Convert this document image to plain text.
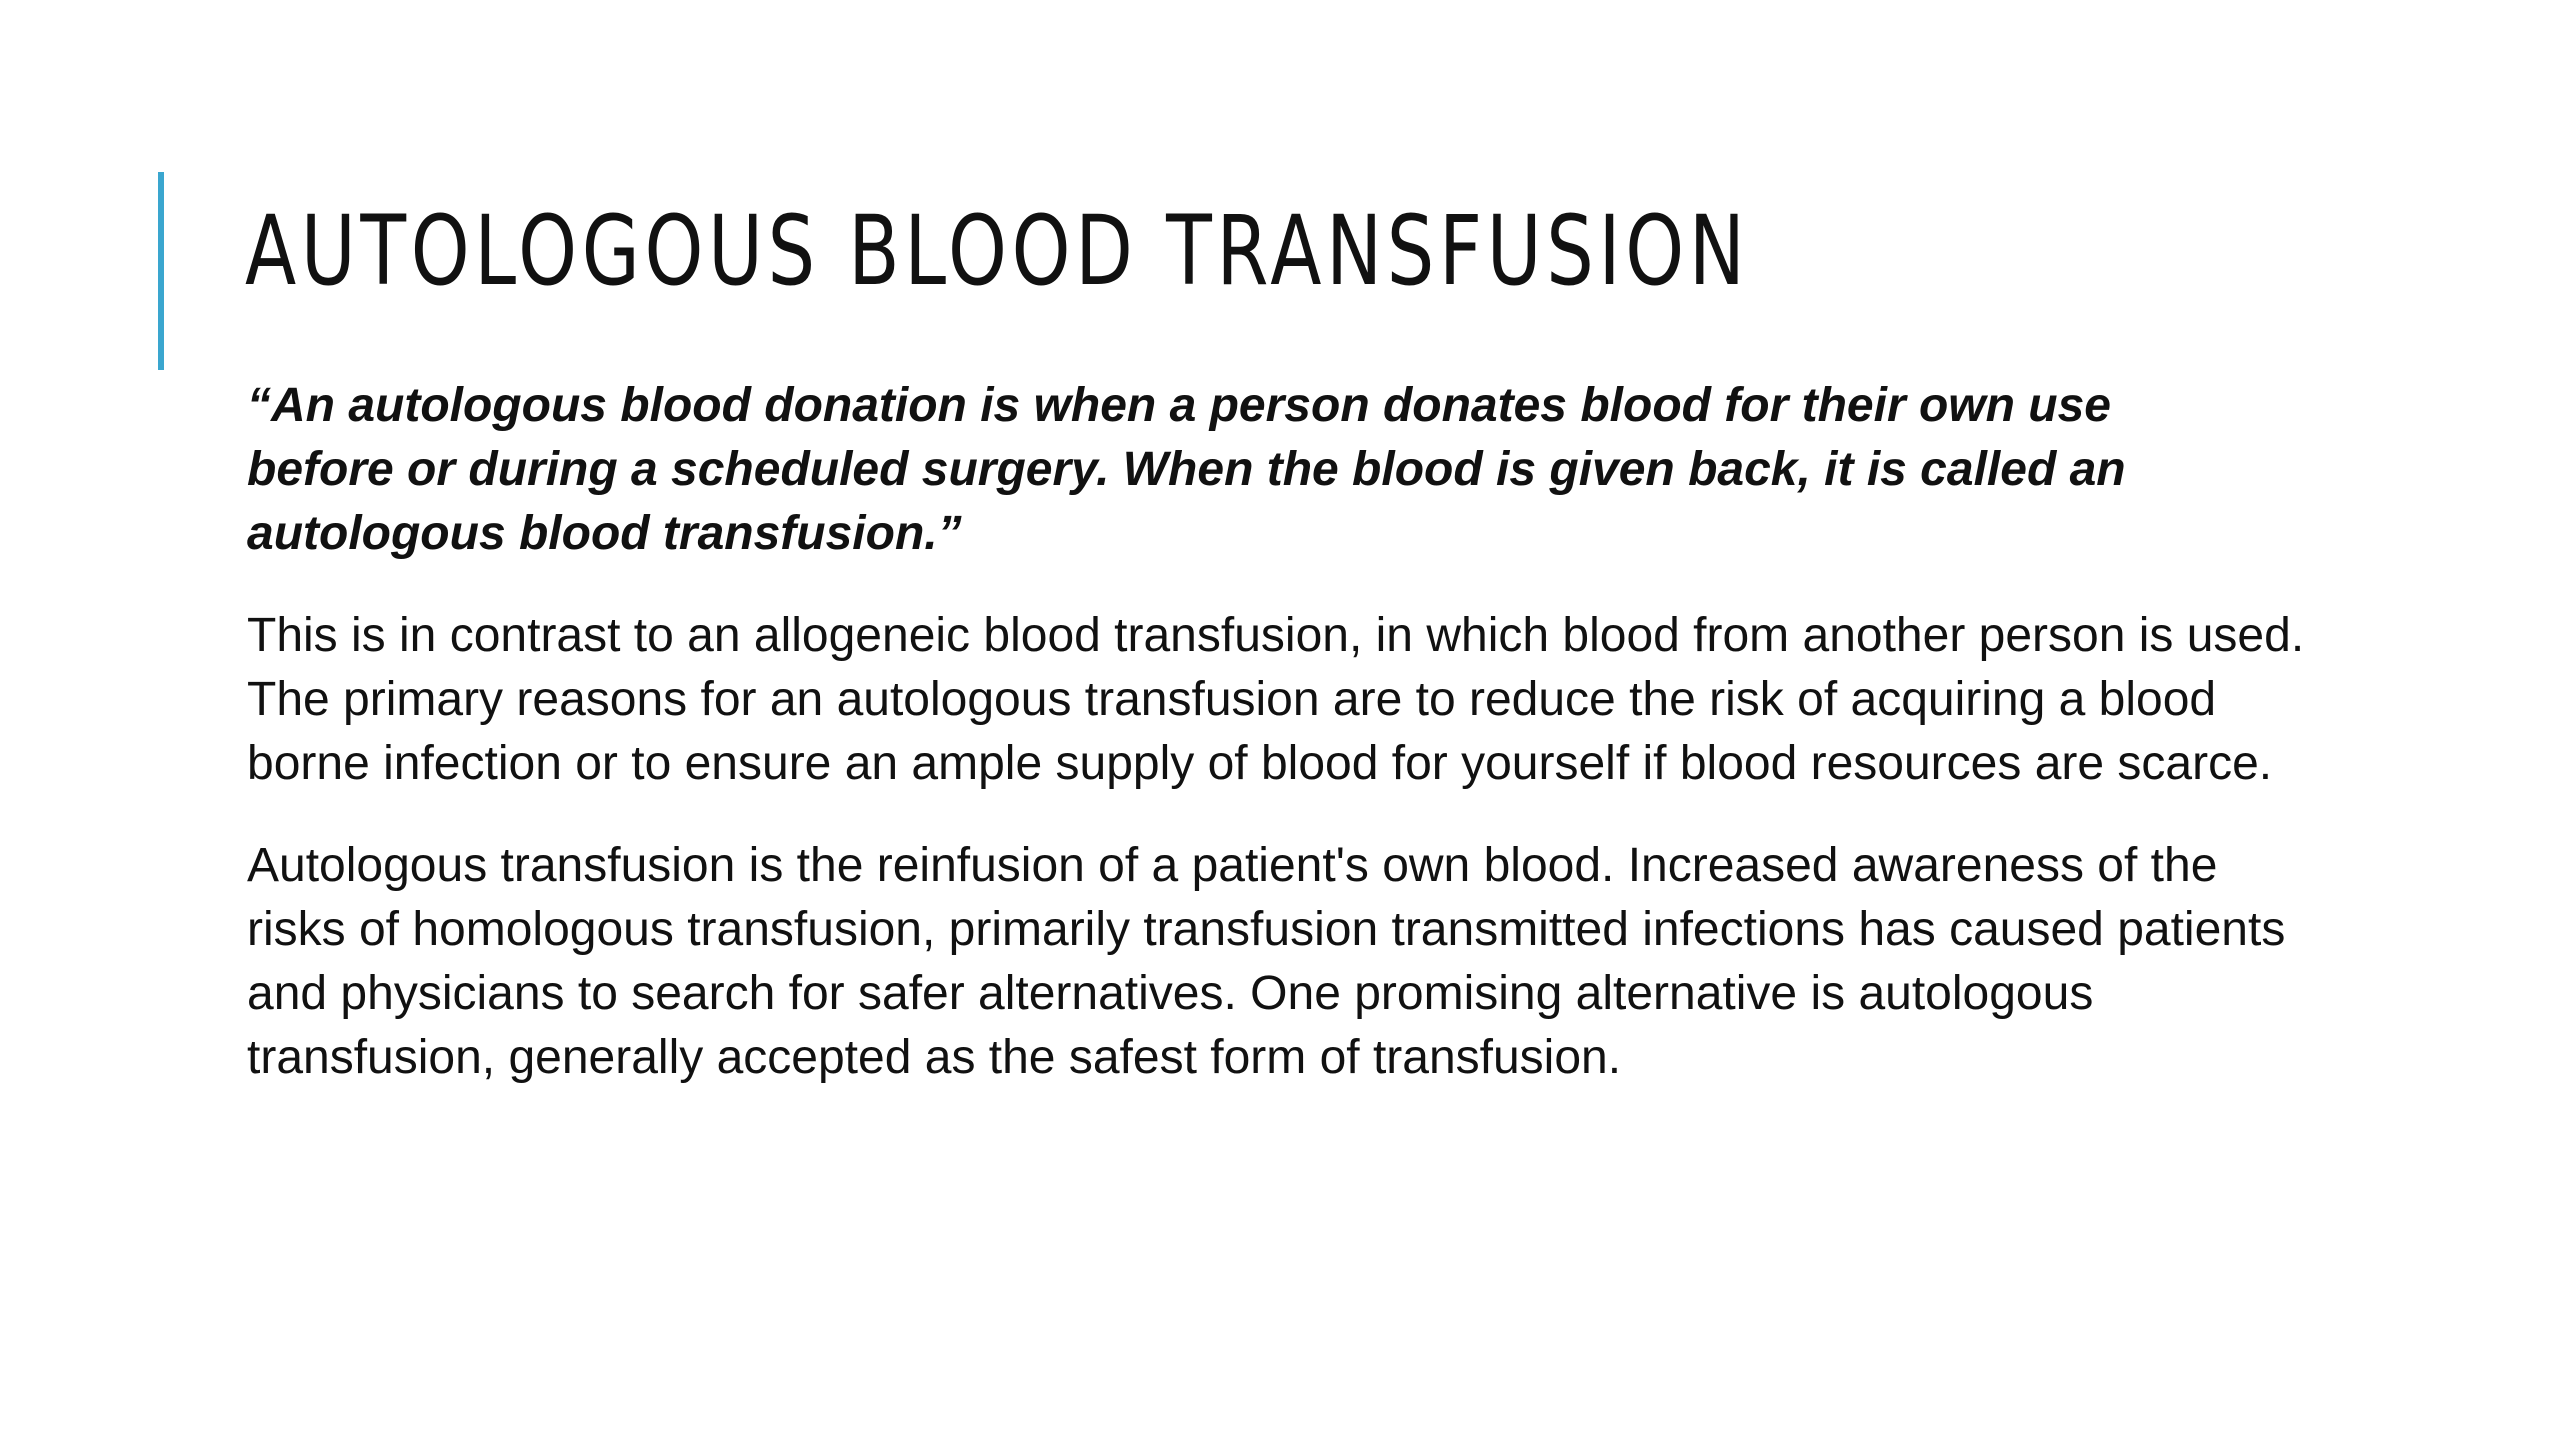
AUTOLOGOUS BLOOD TRANSFUSION

“An autologous blood donation is when a person donates blood for their own use before or during a scheduled surgery. When the blood is given back, it is called an autologous blood transfusion.”

This is in contrast to an allogeneic blood transfusion, in which blood from another person is used. The primary reasons for an autologous transfusion are to reduce the risk of acquiring a blood borne infection or to ensure an ample supply of blood for yourself if blood resources are scarce.

Autologous transfusion is the reinfusion of a patient's own blood. Increased awareness of the risks of homologous transfusion, primarily transfusion transmitted infections has caused patients and physicians to search for safer alternatives. One promising alternative is autologous transfusion, generally accepted as the safest form of transfusion.
